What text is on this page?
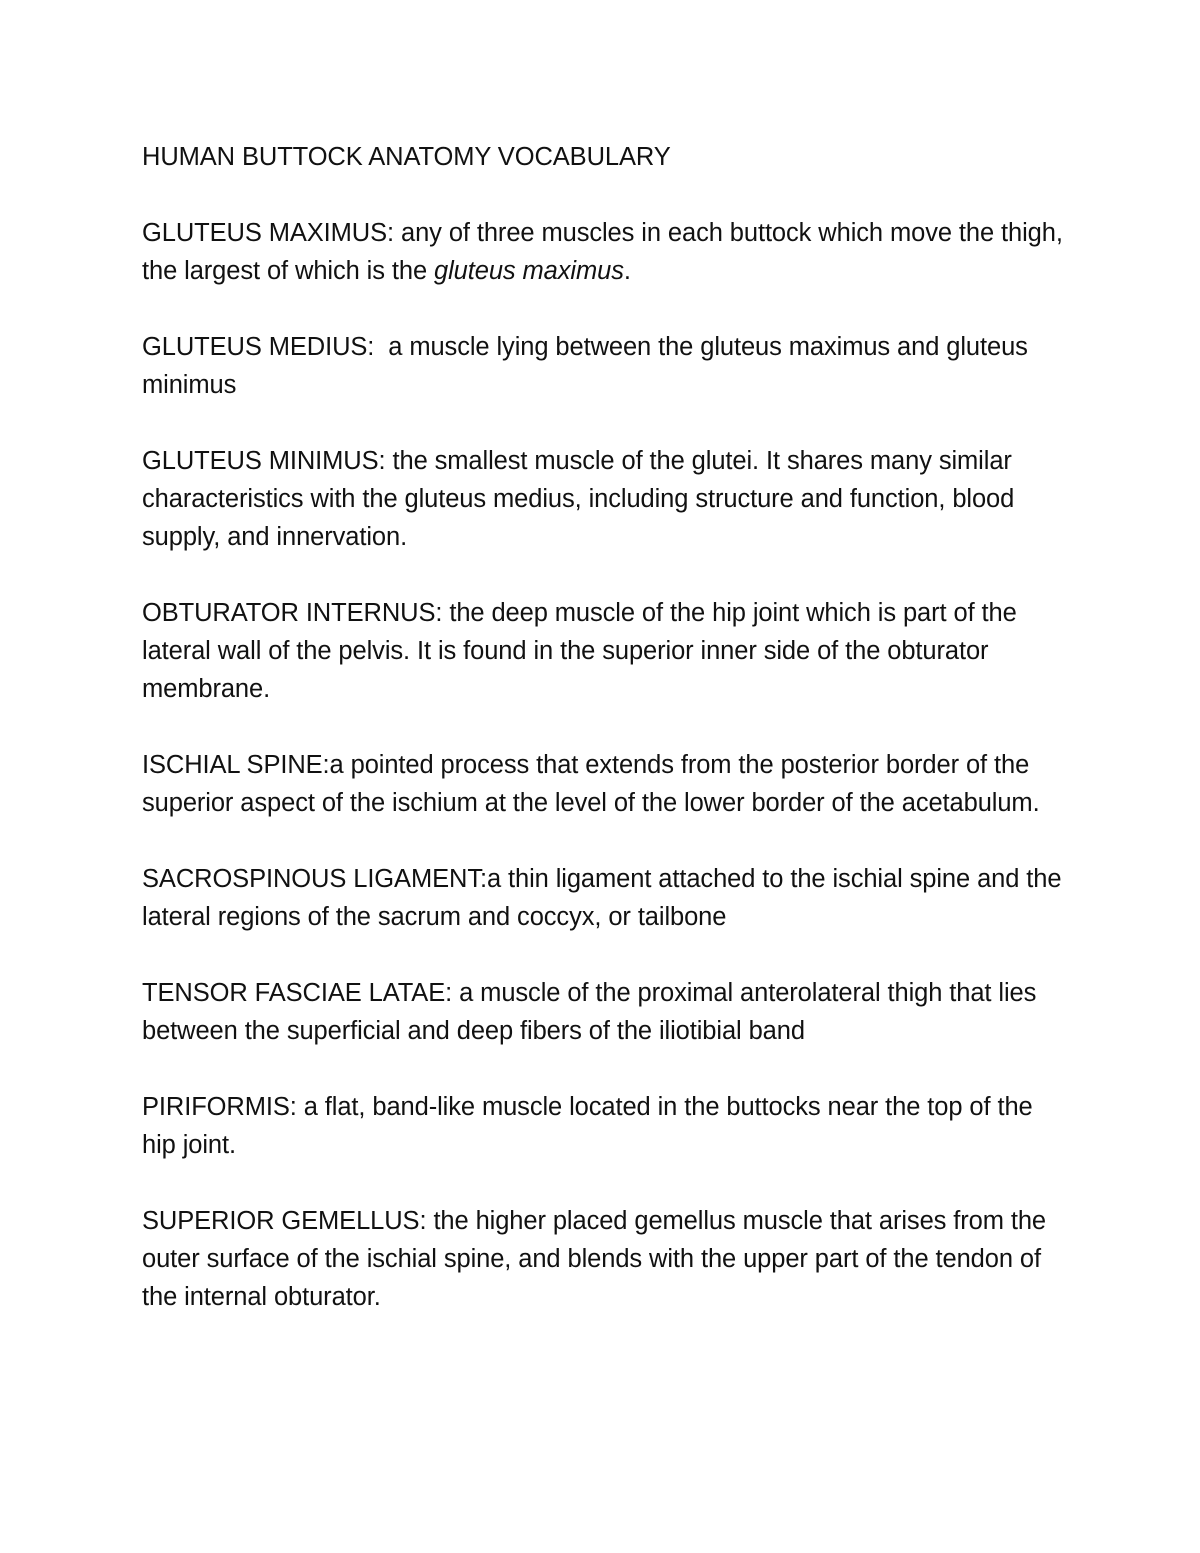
HUMAN BUTTOCK ANATOMY VOCABULARY

GLUTEUS MAXIMUS: any of three muscles in each buttock which move the thigh, the largest of which is the gluteus maximus.

GLUTEUS MEDIUS:  a muscle lying between the gluteus maximus and gluteus minimus

GLUTEUS MINIMUS: the smallest muscle of the glutei. It shares many similar characteristics with the gluteus medius, including structure and function, blood supply, and innervation.

OBTURATOR INTERNUS: the deep muscle of the hip joint which is part of the lateral wall of the pelvis. It is found in the superior inner side of the obturator membrane.

ISCHIAL SPINE:a pointed process that extends from the posterior border of the superior aspect of the ischium at the level of the lower border of the acetabulum.

SACROSPINOUS LIGAMENT:a thin ligament attached to the ischial spine and the lateral regions of the sacrum and coccyx, or tailbone

TENSOR FASCIAE LATAE: a muscle of the proximal anterolateral thigh that lies between the superficial and deep fibers of the iliotibial band

PIRIFORMIS: a flat, band-like muscle located in the buttocks near the top of the hip joint.

SUPERIOR GEMELLUS: the higher placed gemellus muscle that arises from the outer surface of the ischial spine, and blends with the upper part of the tendon of the internal obturator.
